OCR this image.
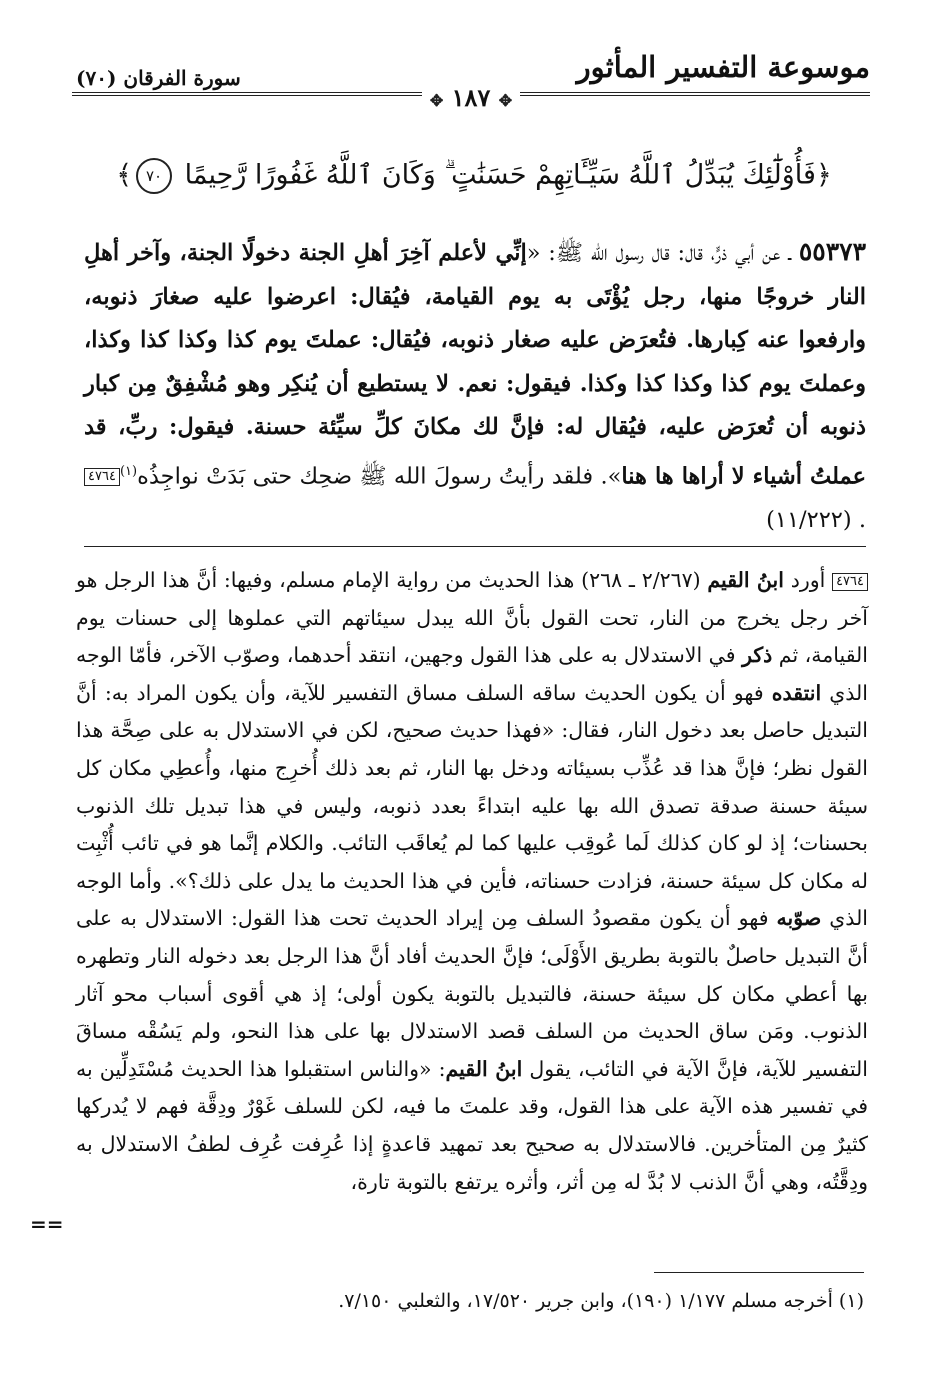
موسوعة التفسير المأثور
سورة الفرقان (٧٠)
✥ ١٨٧ ✥
﴿فَأُوْلَٰٓئِكَ يُبَدِّلُ ٱللَّهُ سَيِّـَٔاتِهِمْ حَسَنَٰتٍ ۗ وَكَانَ ٱللَّهُ غَفُورًا رَّحِيمًا ٧٠﴾
٥٥٣٧٣ ـ عن أبي ذرٍّ، قال: قال رسول الله ﷺ: «إنِّي لأعلم آخِرَ أهلِ الجنة دخولًا الجنة، وآخر أهلِ النار خروجًا منها، رجل يُؤْتَى به يوم القيامة، فيُقال: اعرضوا عليه صغارَ ذنوبه، وارفعوا عنه كِبارها. فتُعرَض عليه صغار ذنوبه، فيُقال: عملتَ يوم كذا وكذا كذا وكذا، وعملتَ يوم كذا وكذا كذا وكذا. فيقول: نعم. لا يستطيع أن يُنكِر وهو مُشْفِقٌ مِن كبار ذنوبه أن تُعرَض عليه، فيُقال له: فإنَّ لك مكانَ كلِّ سيِّئة حسنة. فيقول: ربِّ، قد عملتُ أشياء لا أراها ها هنا». فلقد رأيتُ رسولَ الله ﷺ ضحِك حتى بَدَتْ نواجِذُه$^{(١)}$٤٧٦٤. (١١/٢٢٢)
٤٧٦٤ أورد ابنُ القيم (٢/٢٦٧ ـ ٢٦٨) هذا الحديث من رواية الإمام مسلم، وفيها: أنَّ هذا الرجل هو آخر رجل يخرج من النار، تحت القول بأنَّ الله يبدل سيئاتهم التي عملوها إلى حسنات يوم القيامة، ثم ذكر في الاستدلال به على هذا القول وجهين، انتقد أحدهما، وصوّب الآخر، فأمّا الوجه الذي انتقده فهو أن يكون الحديث ساقه السلف مساق التفسير للآية، وأن يكون المراد به: أنَّ التبديل حاصل بعد دخول النار، فقال: «فهذا حديث صحيح، لكن في الاستدلال به على صِحَّة هذا القول نظر؛ فإنَّ هذا قد عُذِّب بسيئاته ودخل بها النار، ثم بعد ذلك أُخرِج منها، وأُعطِي مكان كل سيئة حسنة صدقة تصدق الله بها عليه ابتداءً بعدد ذنوبه، وليس في هذا تبديل تلك الذنوب بحسنات؛ إذ لو كان كذلك لَما عُوقِب عليها كما لم يُعاقَب التائب. والكلام إنَّما هو في تائب أُثْبِت له مكان كل سيئة حسنة، فزادت حسناته، فأين في هذا الحديث ما يدل على ذلك؟». وأما الوجه الذي صوّبه فهو أن يكون مقصودُ السلف مِن إيراد الحديث تحت هذا القول: الاستدلال به على أنَّ التبديل حاصلٌ بالتوبة بطريق الأَوْلَى؛ فإنَّ الحديث أفاد أنَّ هذا الرجل بعد دخوله النار وتطهره بها أعطي مكان كل سيئة حسنة، فالتبديل بالتوبة يكون أولى؛ إذ هي أقوى أسباب محو آثار الذنوب. ومَن ساق الحديث من السلف قصد الاستدلال بها على هذا النحو، ولم يَسُقْه مساقَ التفسير للآية، فإنَّ الآية في التائب، يقول ابنُ القيم: «والناس استقبلوا هذا الحديث مُسْتَدِلِّين به في تفسير هذه الآية على هذا القول، وقد علمتَ ما فيه، لكن للسلف غَوْرٌ ودِقَّة فهم لا يُدركها كثيرٌ مِن المتأخرين. فالاستدلال به صحيح بعد تمهيد قاعدةٍ إذا عُرِفت عُرِف لطفُ الاستدلال به ودِقَّتُه، وهي أنَّ الذنب لا بُدَّ له مِن أثر، وأثره يرتفع بالتوبة تارة،
==
(١) أخرجه مسلم ١/١٧٧ (١٩٠)، وابن جرير ١٧/٥٢٠، والثعلبي ٧/١٥٠.
